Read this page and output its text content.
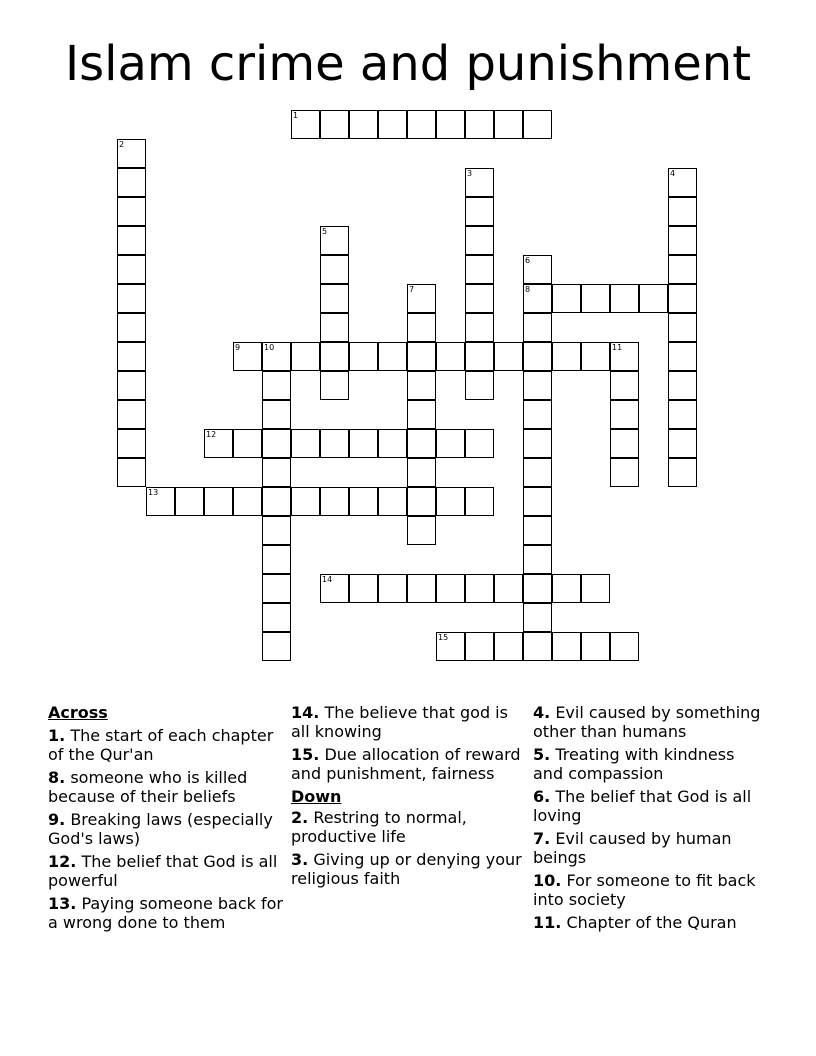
Islam crime and punishment
1
2
3	4
5
6
8
7
9	10	11
12
13
14
15
Across
1. The start of each chapter of the Qur'an
8. someone who is killed because of their beliefs
9. Breaking laws (especially God's laws)
12. The belief that God is all powerful
13. Paying someone back for a wrong done to them
14. The believe that god is all knowing
15. Due allocation of reward and punishment, fairness
Down
2. Restring to normal, productive life
3. Giving up or denying your religious faith
4. Evil caused by something other than humans
5. Treating with kindness and compassion
6. The belief that God is all loving
7. Evil caused by human beings
10. For someone to fit back into society
11. Chapter of the Quran
